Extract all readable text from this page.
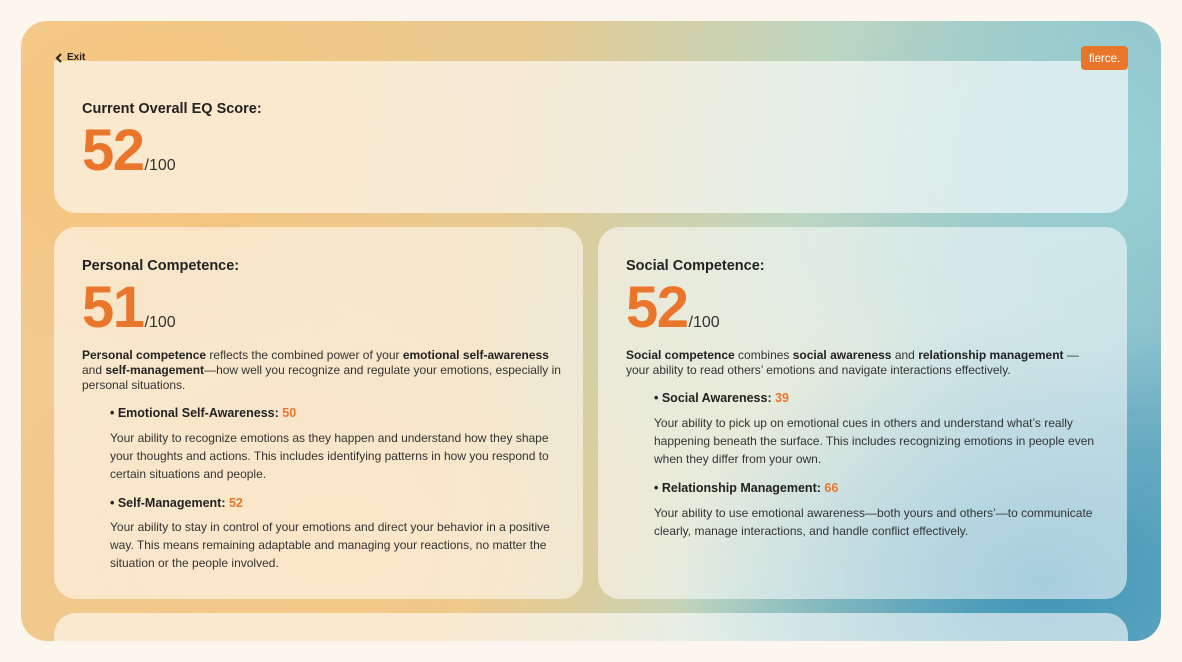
Current Overall EQ Score:
52 /100
Exit	fierce.
Personal Competence:
51 /100
Personal competence reflects the combined power of your emotional self-awareness and self-management—how well you recognize and regulate your emotions, especially in personal situations.
• Emotional Self-Awareness: 50
Your ability to recognize emotions as they happen and understand how they shape your thoughts and actions. This includes identifying patterns in how you respond to certain situations and people.
• Self-Management: 52
Your ability to stay in control of your emotions and direct your behavior in a positive way. This means remaining adaptable and managing your reactions, no matter the situation or the people involved.
Social Competence:
52 /100
Social competence combines social awareness and relationship management — your ability to read others’ emotions and navigate interactions effectively.
• Social Awareness: 39
Your ability to pick up on emotional cues in others and understand what’s really happening beneath the surface. This includes recognizing emotions in people even when they differ from your own.
• Relationship Management: 66
Your ability to use emotional awareness—both yours and others’—to communicate clearly, manage interactions, and handle conflict effectively.
